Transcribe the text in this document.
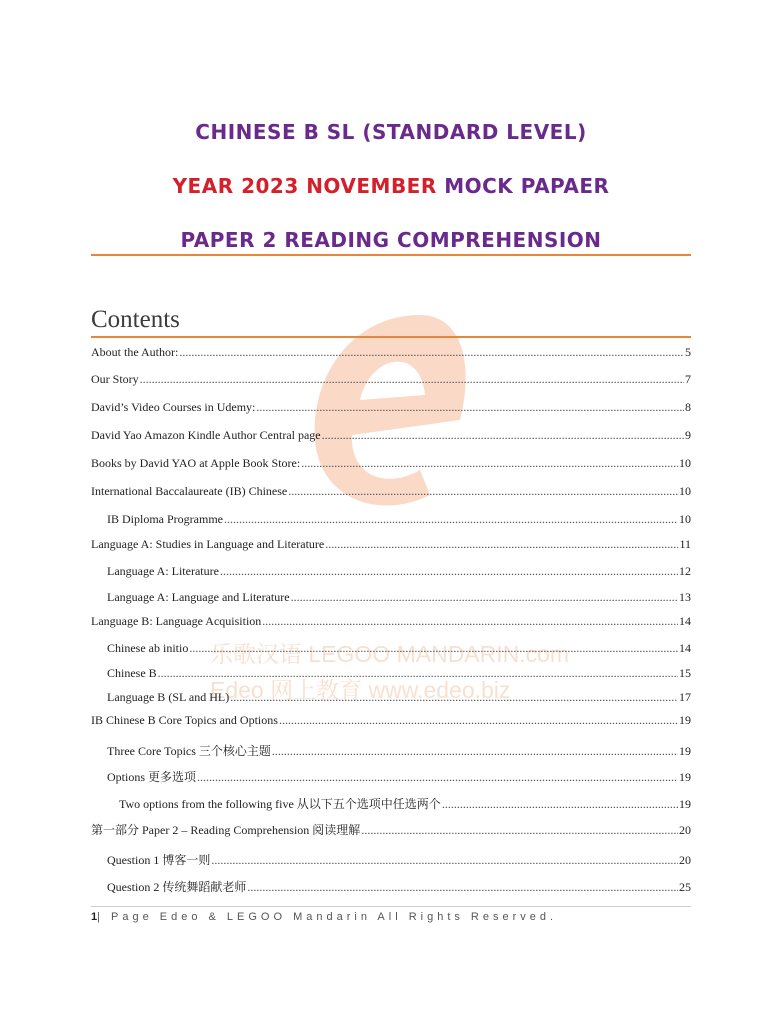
乐歌汉语 LEGOO MANDARIN.com
Edeo 网上教育 www.edeo.biz
CHINESE B SL (STANDARD LEVEL)
YEAR 2023 NOVEMBER MOCK PAPAER
PAPER 2 READING COMPREHENSION
Contents
About the Author: .....	5
Our Story .....	7
David’s Video Courses in Udemy: .....	8
David Yao Amazon Kindle Author Central page .....	9
Books by David YAO at Apple Book Store: .....	10
International Baccalaureate (IB) Chinese .....	10
IB Diploma Programme .....	10
Language A: Studies in Language and Literature .....	11
Language A: Literature .....	12
Language A: Language and Literature .....	13
Language B: Language Acquisition .....	14
Chinese ab initio .....	14
Chinese B .....	15
Language B (SL and HL) .....	17
IB Chinese B Core Topics and Options .....	19
Three Core Topics 三个核心主题 .....	19
Options 更多选项 .....	19
Two options from the following five 从以下五个选项中任选两个 .....	19
第一部分 Paper 2 – Reading Comprehension 阅读理解 .....	20
Question 1 博客一则 .....	20
Question 2 传统舞蹈献老师 .....	25
1| Page Edeo & LEGOO Mandarin All Rights Reserved.
